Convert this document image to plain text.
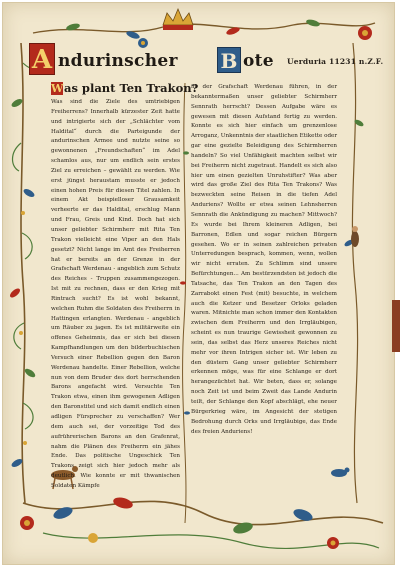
A ndurinscher B ote Uerduria 11231 n.Z.F.
Was plant Ten Trakon?

Was sind die Ziele des umtriebigen Freiherrens? Innerhalb kürzester Zeit hatte und intrigierte sich der „Schlächter vom Haldital“ durch die Parteigunde der andurinschen Armee und nutzte seine so gewonnenen „Freundschaften“ im Adel schamlos aus, nur um endlich sein erstes Ziel zu erreichen – gewählt zu werden. Wie erst jüngst heraustam musste er jedoch einen hohen Preis für diesen Titel zahlen. In einem Akt beispielloser Grausamkeit verheerte er das Haldital, erschlug Mann und Frau, Greis und Kind. Doch hat sich unser geliebter Schirmherr mit Rita Ten Trakon vielleicht eine Viper an den Hals gesetzt? Nicht lange im Amt des Freiherren hat er bereits an der Grenze in der Grafschaft Werdenau - angeblich zum Schutz des Reiches - Truppen zusammengezogen. Ist mit zu rechnen, dass er den Krieg mit Rintrach sucht? Es ist wohl bekannt, welchen Ruhm die Soldaten des Freiherrn in Hattingen erlangten. Werdenau - angeblich um Räuber zu jagen. Es ist militärweite ein offenes Geheimnis, das er sich bei diesen Kampfhandlungen um den bilderbuchischen Versuch einer Rebellion gegen den Baron Werdenau handelte. Einer Rebellion, welche nun von dem Bruder des dort herrschenden Barons angefacht wird. Versuchte Ten Trakon etwa, einen ihm gewogenen Adligen den Baronstitel und sich damit endlich einen adligen Fürsprecher zu verschaffen? Wer dem auch sei, der vorzeitige Tod des aufrührerischen Barons an den Grafenrat, nahm die Plänen des Freiherrn ein jähes Ende. Das politische Ungeschick Ten Trakons zeigt sich hier jedoch mehr als deutlich. Wie konnte er mit thwanischen Soldaten Kämpfe

in der Grafschaft Werdenau führen, in der bekanntermaßen unser geliebter Schirmherr Sennrath herrscht? Dessen Aufgabe wäre es gewesen mit diesen Aufstand fertig zu werden. Konnte es sich hier einfach um grenzenlose Arroganz, Unkenntnis der staatlichen Etikette oder gar eine gezielte Beleidigung des Schirmherren handeln? So viel Unfähigkeit machten selbst wir bei Freiherrn nicht zugetraut. Handelt es sich also hier um einen gezielten Unruhstifter? Was aber wird das große Ziel des Rita Ten Trakons? Was bezweckten seine Reisen in die tiefen Adel Anduriens? Wollte er etwa seinen Lehnsherren Sennrath die Ankündigung zu machen? Mittwoch? Es wurde bei Ihrem kleineren Adligen, bei Barronen, Edlen und sogar reichen Bürgern gesehen. Wo er in seinen zahlreichen privaten Unterredungen besprach, kommen, wenn, wollen wir nicht erraten. Zu Schlimm sind unsere Befürchtungen... Am bestürzendsten ist jedoch die Tatsache, das Ten Trakon an den Tagen des Zarrabokt einen Fest (mit) besuchte, in welchem auch die Ketzer und Besetzer Orloks geladen waren. Mitnichte man schon immer den Kontakten zwischen dem Freiherrn und den Irrgläubigen, scheint es nun traurige Gewissheit gewonnen zu sein, das selbst das Herz unseres Reiches nicht mehr vor ihren Intrigen sicher ist. Wir leben zu den düstern Gang unser geliebter Schirmherr erkennen möge, was für eine Schlange er dort herangezüchtet hat. Wir beten, dass er, solange noch Zeit ist und beim Zweit das Lande Andurin teilt, der Schlange den Kopf abschlägt, ehe neuer Bürgerkrieg wäre, im Angesicht der stetigen Bedrohung durch Orks und Irrgläubige, das Ende des freien Anduriens!
